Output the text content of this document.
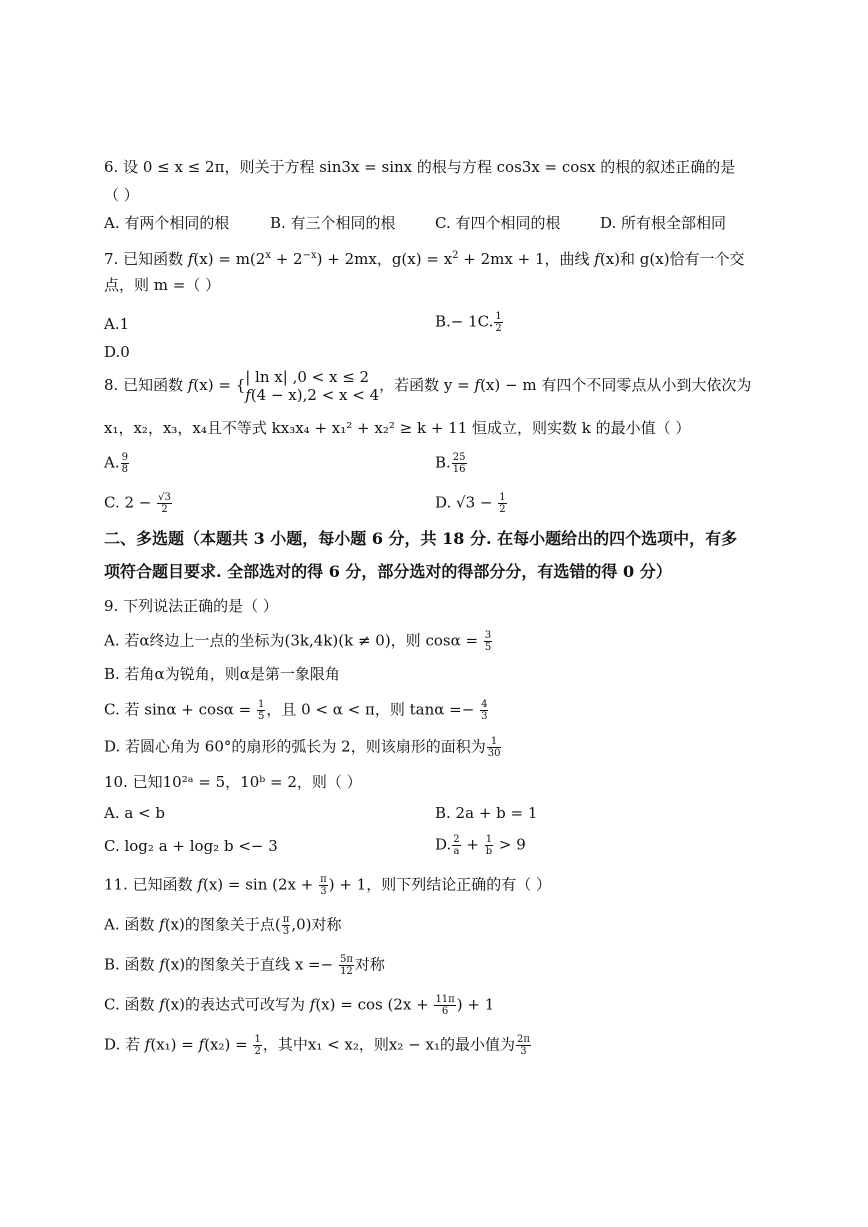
6. 设 0 ≤ x ≤ 2π，则关于方程 sin3x = sinx 的根与方程 cos3x = cosx 的根的叙述正确的是
（ ）
A. 有两个相同的根	B. 有三个相同的根	C. 有四个相同的根	D. 所有根全部相同
7. 已知函数 $f(x) = m(2^x + 2^{-x}) + 2mx$，$g(x) = x^2 + 2mx + 1$，曲线 f(x)和 g(x)恰有一个交
点，则 m =（ ）
A.1	B.− 1C. $\frac{1}{2}$
D.0
8. 已知函数 f(x) = { | ln x| ,0 < x ≤ 2
f(4 − x),2 < x < 4
，若函数 y = f(x) − m 有四个不同零点从小到大依次为
x₁，x₂，x₃，x₄且不等式 kx₃x₄ + x₁² + x₂² ≥ k + 11 恒成立，则实数 k 的最小值（ ）
A. $\frac{9}{8}$	B. $\frac{25}{16}$
C. $2 - \frac{√3}{2}$	D. $√3 - \frac{1}{2}$
二、多选题（本题共 3 小题，每小题 6 分，共 18 分. 在每小题给出的四个选项中，有多
项符合题目要求. 全部选对的得 6 分，部分选对的得部分分，有选错的得 0 分）
9. 下列说法正确的是（ ）
A. 若α终边上一点的坐标为(3k,4k)(k ≠ 0)，则 $\cos\alpha = \frac{3}{5}$
B. 若角α为锐角，则α是第一象限角
C. 若 $\sin\alpha + \cos\alpha = \frac{1}{5}$ ，且 0 < α < π，则 $\tan\alpha =- \frac{4}{3}$
D. 若圆心角为 60°的扇形的弧长为 2，则该扇形的面积为 $\frac{1}{30}$
10. 已知10²ᵃ = 5，10ᵇ = 2，则（ ）
A. a < b	B. 2a + b = 1
C. log₂ a + log₂ b <− 3	D. $\frac{2}{a} + \frac{1}{b} > 9$
11. 已知函数 $f(x) = \sin (2x + \frac{\pi}{3}$ ) + 1，则下列结论正确的有（ ）
A. 函数 f(x)的图象关于点( $\frac{\pi}{3} ,0$)对称
B. 函数 f(x)的图象关于直线 $x =- \frac{5\pi}{12}$ 对称
C. 函数 f(x)的表达式可改写为 $f(x) = \cos (2x + \frac{11\pi}{6}$ ) + 1
D. 若 $f(x_1) = f(x_2) = \frac{1}{2}$ ，其中x₁ < x₂，则x₂ − x₁的最小值为 $\frac{2\pi}{3}$
